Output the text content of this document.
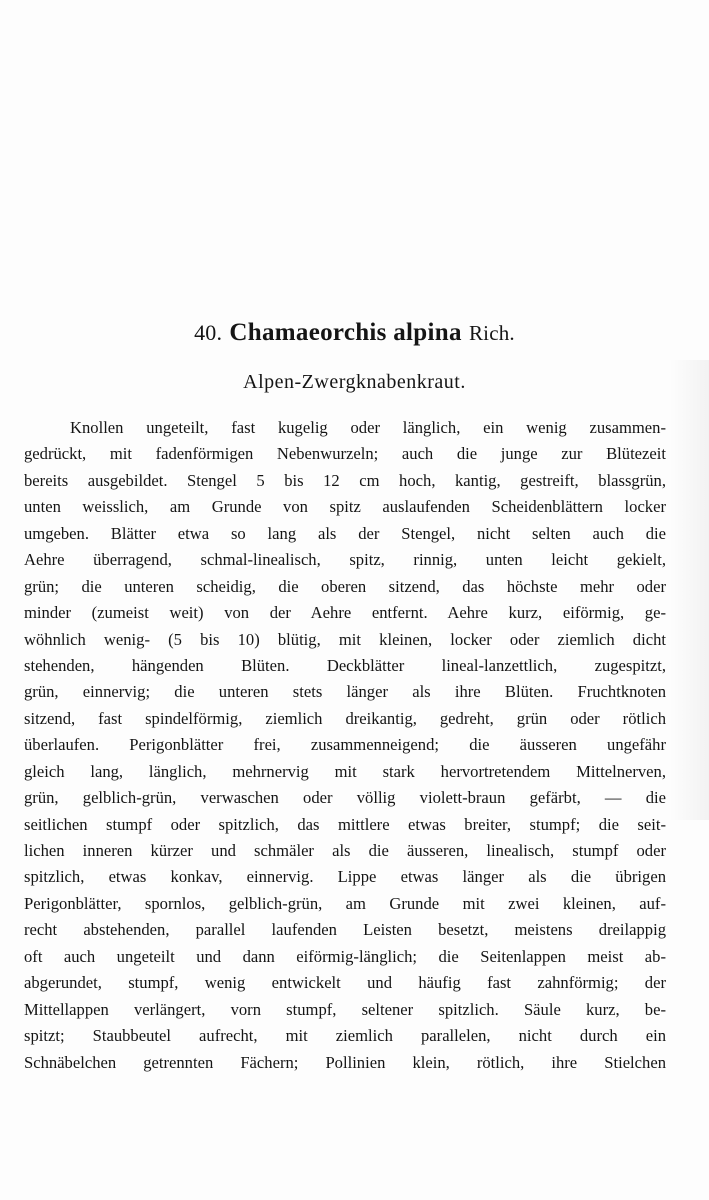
40. Chamaeorchis alpina Rich.
Alpen-Zwergknabenkraut.
Knollen ungeteilt, fast kugelig oder länglich, ein wenig zusammen-
gedrückt, mit fadenförmigen Nebenwurzeln; auch die junge zur Blütezeit
bereits ausgebildet. Stengel 5 bis 12 cm hoch, kantig, gestreift, blassgrün,
unten weisslich, am Grunde von spitz auslaufenden Scheidenblättern locker
umgeben. Blätter etwa so lang als der Stengel, nicht selten auch die
Aehre überragend, schmal-linealisch, spitz, rinnig, unten leicht gekielt,
grün; die unteren scheidig, die oberen sitzend, das höchste mehr oder
minder (zumeist weit) von der Aehre entfernt. Aehre kurz, eiförmig, ge-
wöhnlich wenig- (5 bis 10) blütig, mit kleinen, locker oder ziemlich dicht
stehenden, hängenden Blüten. Deckblätter lineal-lanzettlich, zugespitzt,
grün, einnervig; die unteren stets länger als ihre Blüten. Fruchtknoten
sitzend, fast spindelförmig, ziemlich dreikantig, gedreht, grün oder rötlich
überlaufen. Perigonblätter frei, zusammenneigend; die äusseren ungefähr
gleich lang, länglich, mehrnervig mit stark hervortretendem Mittelnerven,
grün, gelblich-grün, verwaschen oder völlig violett-braun gefärbt, — die
seitlichen stumpf oder spitzlich, das mittlere etwas breiter, stumpf; die seit-
lichen inneren kürzer und schmäler als die äusseren, linealisch, stumpf oder
spitzlich, etwas konkav, einnervig. Lippe etwas länger als die übrigen
Perigonblätter, spornlos, gelblich-grün, am Grunde mit zwei kleinen, auf-
recht abstehenden, parallel laufenden Leisten besetzt, meistens dreilappig
oft auch ungeteilt und dann eiförmig-länglich; die Seitenlappen meist ab-
abgerundet, stumpf, wenig entwickelt und häufig fast zahnförmig; der
Mittellappen verlängert, vorn stumpf, seltener spitzlich. Säule kurz, be-
spitzt; Staubbeutel aufrecht, mit ziemlich parallelen, nicht durch ein
Schnäbelchen getrennten Fächern; Pollinien klein, rötlich, ihre Stielchen
